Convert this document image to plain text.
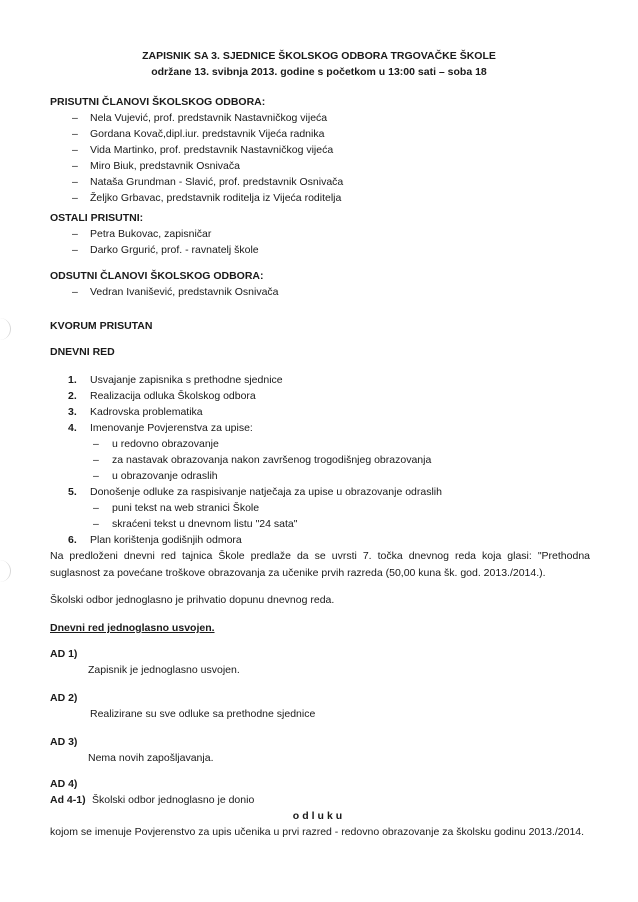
ZAPISNIK SA 3. SJEDNICE ŠKOLSKOG ODBORA TRGOVAČKE ŠKOLE
održane 13. svibnja 2013. godine s početkom u 13:00 sati – soba 18
PRISUTNI ČLANOVI ŠKOLSKOG ODBORA:
– Nela Vujević, prof. predstavnik Nastavničkog vijeća
– Gordana Kovač,dipl.iur. predstavnik Vijeća radnika
– Vida Martinko, prof. predstavnik Nastavničkog vijeća
– Miro Biuk, predstavnik Osnivača
– Nataša Grundman - Slavić, prof. predstavnik Osnivača
– Željko Grbavac, predstavnik roditelja iz Vijeća roditelja
OSTALI PRISUTNI:
– Petra Bukovac, zapisničar
– Darko Grgurić, prof. - ravnatelj škole
ODSUTNI ČLANOVI ŠKOLSKOG ODBORA:
– Vedran Ivanišević, predstavnik Osnivača
KVORUM PRISUTAN
DNEVNI RED
1. Usvajanje zapisnika s prethodne sjednice
2. Realizacija odluka Školskog odbora
3. Kadrovska problematika
4. Imenovanje Povjerenstva za upise:
– u redovno obrazovanje
– za nastavak obrazovanja nakon završenog trogodišnjeg obrazovanja
– u obrazovanje odraslih
5. Donošenje odluke za raspisivanje natječaja za upise u obrazovanje odraslih
– puni tekst na web stranici Škole
– skraćeni tekst u dnevnom listu "24 sata"
6. Plan korištenja godišnjih odmora
Na predloženi dnevni red tajnica Škole predlaže da se uvrsti 7. točka dnevnog reda koja glasi: "Prethodna suglasnost za povećane troškove obrazovanja za učenike prvih razreda (50,00 kuna šk. god. 2013./2014.).
Školski odbor jednoglasno je prihvatio dopunu dnevnog reda.
Dnevni red jednoglasno usvojen.
AD 1)
Zapisnik je jednoglasno usvojen.
AD 2)
Realizirane su sve odluke sa prethodne sjednice
AD 3)
Nema novih zapošljavanja.
AD 4)
Ad 4-1) Školski odbor jednoglasno je donio
odluku
kojom se imenuje Povjerenstvo za upis učenika u prvi razred - redovno obrazovanje za školsku godinu 2013./2014.
